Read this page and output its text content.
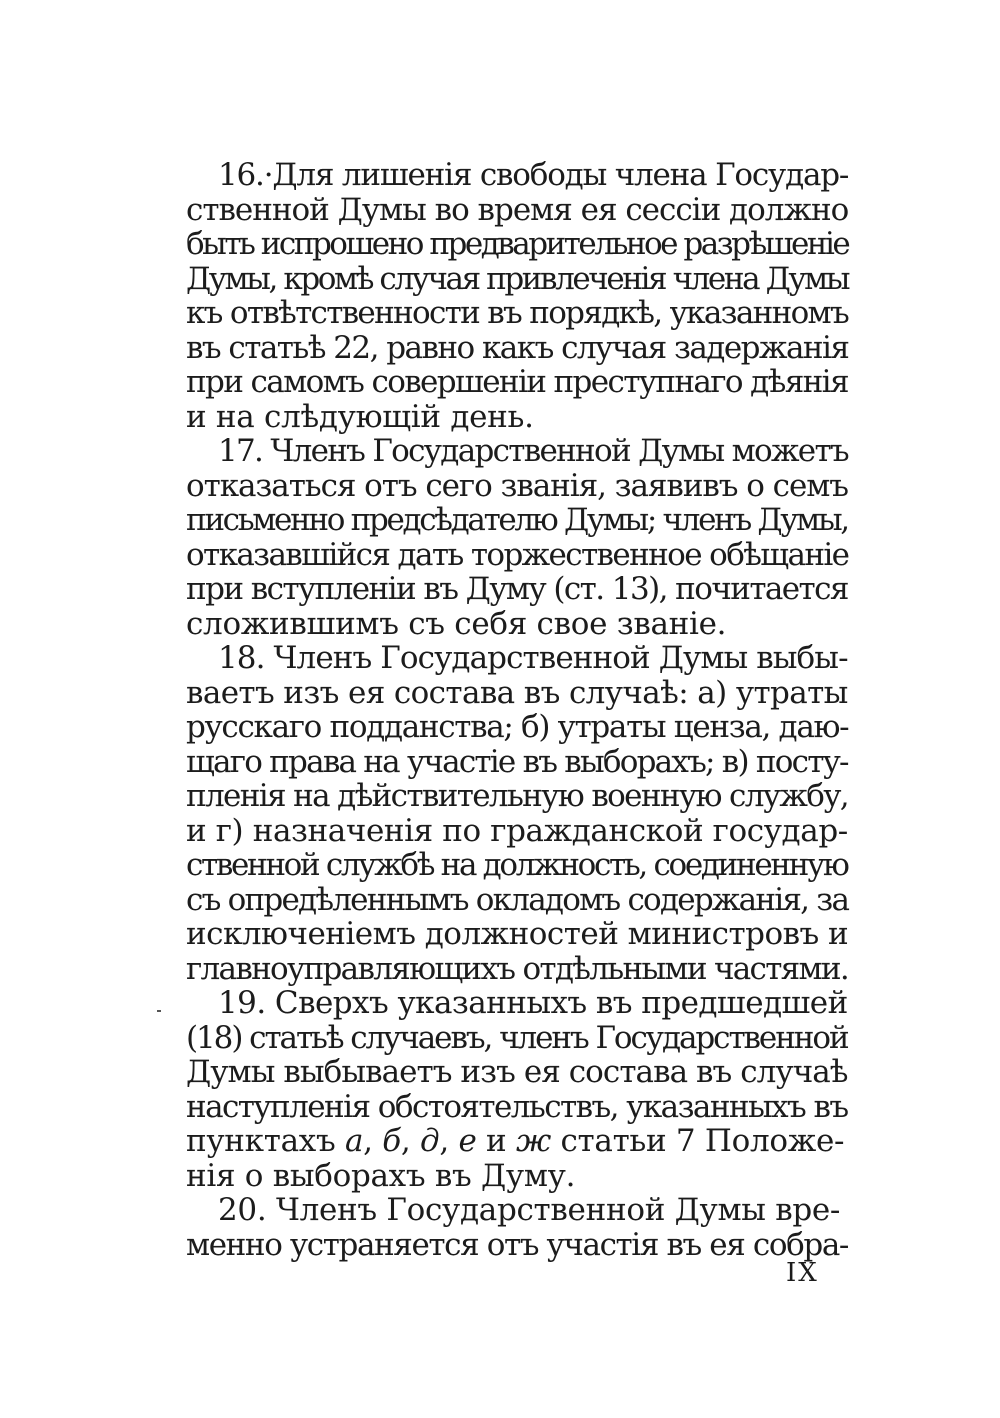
16.·Для лишенія свободы члена Государ-
ственной Думы во время ея сессіи должно
быть испрошено предварительное разрѣшеніе
Думы, кромѣ случая привлеченія члена Думы
къ отвѣтственности въ порядкѣ, указанномъ
въ статьѣ 22, равно какъ случая задержанія
при самомъ совершеніи преступнаго дѣянія
и на слѣдующій день.

17. Членъ Государственной Думы можетъ
отказаться отъ сего званія, заявивъ о семъ
письменно предсѣдателю Думы; членъ Думы,
отказавшійся дать торжественное обѣщаніе
при вступленіи въ Думу (ст. 13), почитается
сложившимъ съ себя свое званіе.

18. Членъ Государственной Думы выбы-
ваетъ изъ ея состава въ случаѣ: а) утраты
русскаго подданства; б) утраты ценза, даю-
щаго права на участіе въ выборахъ; в) посту-
пленія на дѣйствительную военную службу,
и г) назначенія по гражданской государ-
ственной службѣ на должность, соединенную
съ опредѣленнымъ окладомъ содержанія, за
исключеніемъ должностей министровъ и
главноуправляющихъ отдѣльными частями.

19. Сверхъ указанныхъ въ предшедшей
(18) статьѣ случаевъ, членъ Государственной
Думы выбываетъ изъ ея состава въ случаѣ
наступленія обстоятельствъ, указанныхъ въ
пунктахъ а, б, д, е и ж статьи 7 Положе-
нія о выборахъ въ Думу.

20. Членъ Государственной Думы вре-
менно устраняется отъ участія въ ея собра-

IX
